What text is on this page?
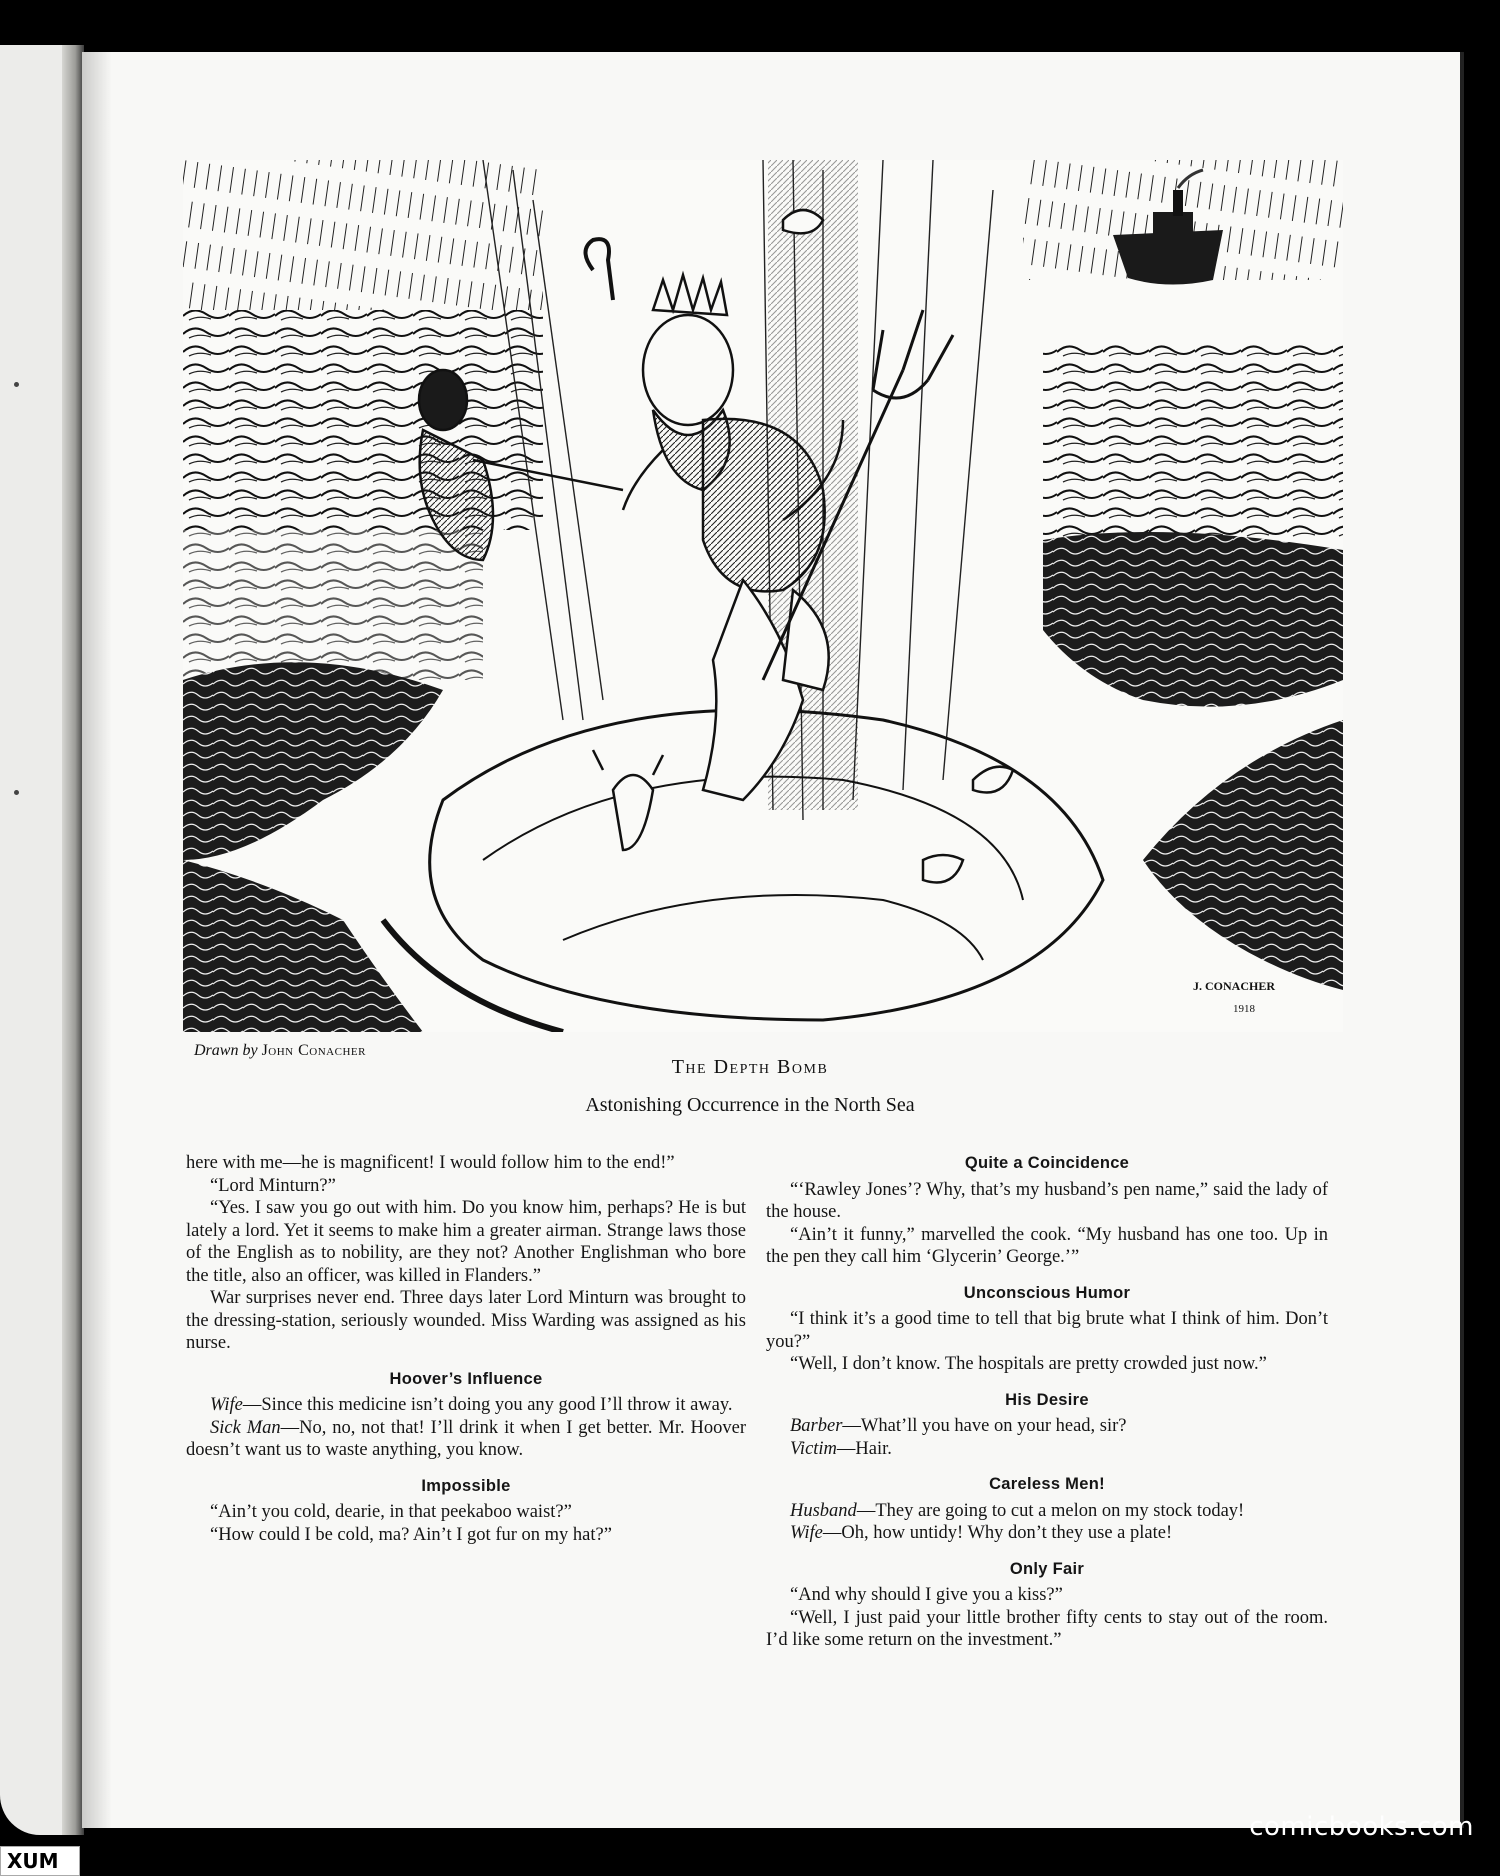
J. CONACHER
1918
Drawn by John Conacher
The Depth Bomb
Astonishing Occurrence in the North Sea

here with me—he is magnificent! I would follow him to the end!”

“Lord Minturn?”

“Yes. I saw you go out with him. Do you know him, perhaps? He is but lately a lord. Yet it seems to make him a greater airman. Strange laws those of the English as to nobility, are they not? Another Englishman who bore the title, also an officer, was killed in Flanders.”

War surprises never end. Three days later Lord Minturn was brought to the dressing-station, seriously wounded. Miss Warding was assigned as his nurse.

Hoover’s Influence

Wife—Since this medicine isn’t doing you any good I’ll throw it away.

Sick Man—No, no, not that! I’ll drink it when I get better. Mr. Hoover doesn’t want us to waste anything, you know.

Impossible

“Ain’t you cold, dearie, in that peekaboo waist?”

“How could I be cold, ma? Ain’t I got fur on my hat?”

Quite a Coincidence

“‘Rawley Jones’? Why, that’s my husband’s pen name,” said the lady of the house.

“Ain’t it funny,” marvelled the cook. “My husband has one too. Up in the pen they call him ‘Glycerin’ George.’”

Unconscious Humor

“I think it’s a good time to tell that big brute what I think of him. Don’t you?”

“Well, I don’t know. The hospitals are pretty crowded just now.”

His Desire

Barber—What’ll you have on your head, sir?

Victim—Hair.

Careless Men!

Husband—They are going to cut a melon on my stock today!

Wife—Oh, how untidy! Why don’t they use a plate!

Only Fair

“And why should I give you a kiss?”

“Well, I just paid your little brother fifty cents to stay out of the room. I’d like some return on the investment.”

comicbooks.com
XUM
